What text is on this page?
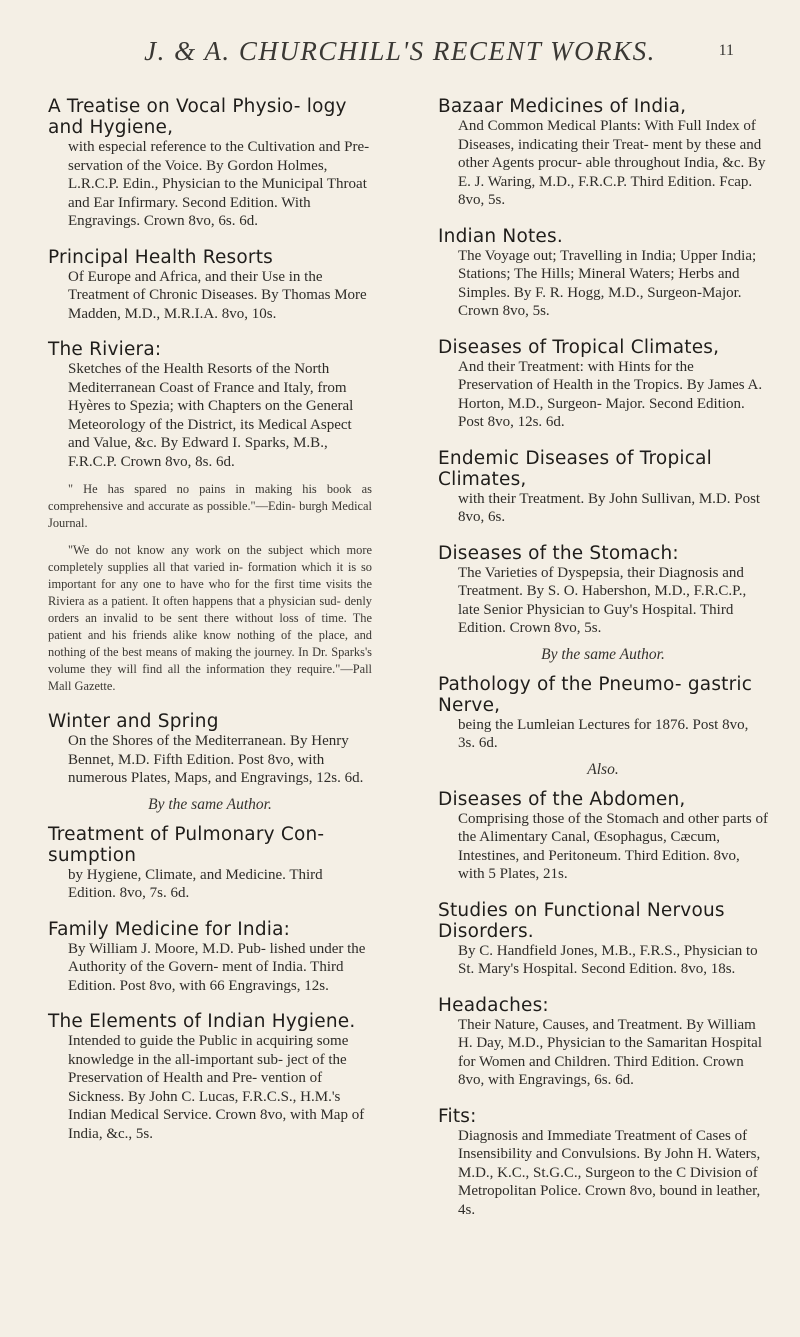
J. & A. CHURCHILL'S RECENT WORKS.	11
A Treatise on Vocal Physio- logy and Hygiene,
with especial reference to the Cultivation and Pre- servation of the Voice. By Gordon Holmes, L.R.C.P. Edin., Physician to the Municipal Throat and Ear Infirmary. Second Edition. With Engravings. Crown 8vo, 6s. 6d.
Principal Health Resorts
Of Europe and Africa, and their Use in the Treatment of Chronic Diseases. By Thomas More Madden, M.D., M.R.I.A. 8vo, 10s.
The Riviera:
Sketches of the Health Resorts of the North Mediterranean Coast of France and Italy, from Hyères to Spezia; with Chapters on the General Meteorology of the District, its Medical Aspect and Value, &c. By Edward I. Sparks, M.B., F.R.C.P. Crown 8vo, 8s. 6d.
" He has spared no pains in making his book as comprehensive and accurate as possible."—Edin- burgh Medical Journal.
"We do not know any work on the subject which more completely supplies all that varied in- formation which it is so important for any one to have who for the first time visits the Riviera as a patient. It often happens that a physician sud- denly orders an invalid to be sent there without loss of time. The patient and his friends alike know nothing of the place, and nothing of the best means of making the journey. In Dr. Sparks's volume they will find all the information they require."—Pall Mall Gazette.
Winter and Spring
On the Shores of the Mediterranean. By Henry Bennet, M.D. Fifth Edition. Post 8vo, with numerous Plates, Maps, and Engravings, 12s. 6d.
By the same Author.
Treatment of Pulmonary Con- sumption
by Hygiene, Climate, and Medicine. Third Edition. 8vo, 7s. 6d.
Family Medicine for India:
By William J. Moore, M.D. Pub- lished under the Authority of the Govern- ment of India. Third Edition. Post 8vo, with 66 Engravings, 12s.
The Elements of Indian Hygiene.
Intended to guide the Public in acquiring some knowledge in the all-important sub- ject of the Preservation of Health and Pre- vention of Sickness. By John C. Lucas, F.R.C.S., H.M.'s Indian Medical Service. Crown 8vo, with Map of India, &c., 5s.
Bazaar Medicines of India,
And Common Medical Plants: With Full Index of Diseases, indicating their Treat- ment by these and other Agents procur- able throughout India, &c. By E. J. Waring, M.D., F.R.C.P. Third Edition. Fcap. 8vo, 5s.
Indian Notes.
The Voyage out; Travelling in India; Upper India; Stations; The Hills; Mineral Waters; Herbs and Simples. By F. R. Hogg, M.D., Surgeon-Major. Crown 8vo, 5s.
Diseases of Tropical Climates,
And their Treatment: with Hints for the Preservation of Health in the Tropics. By James A. Horton, M.D., Surgeon- Major. Second Edition. Post 8vo, 12s. 6d.
Endemic Diseases of Tropical Climates,
with their Treatment. By John Sullivan, M.D. Post 8vo, 6s.
Diseases of the Stomach:
The Varieties of Dyspepsia, their Diagnosis and Treatment. By S. O. Habershon, M.D., F.R.C.P., late Senior Physician to Guy's Hospital. Third Edition. Crown 8vo, 5s.
By the same Author.
Pathology of the Pneumo- gastric Nerve,
being the Lumleian Lectures for 1876. Post 8vo, 3s. 6d.
Also.
Diseases of the Abdomen,
Comprising those of the Stomach and other parts of the Alimentary Canal, Œsophagus, Cæcum, Intestines, and Peritoneum. Third Edition. 8vo, with 5 Plates, 21s.
Studies on Functional Nervous Disorders.
By C. Handfield Jones, M.B., F.R.S., Physician to St. Mary's Hospital. Second Edition. 8vo, 18s.
Headaches:
Their Nature, Causes, and Treatment. By William H. Day, M.D., Physician to the Samaritan Hospital for Women and Children. Third Edition. Crown 8vo, with Engravings, 6s. 6d.
Fits:
Diagnosis and Immediate Treatment of Cases of Insensibility and Convulsions. By John H. Waters, M.D., K.C., St.G.C., Surgeon to the C Division of Metropolitan Police. Crown 8vo, bound in leather, 4s.
